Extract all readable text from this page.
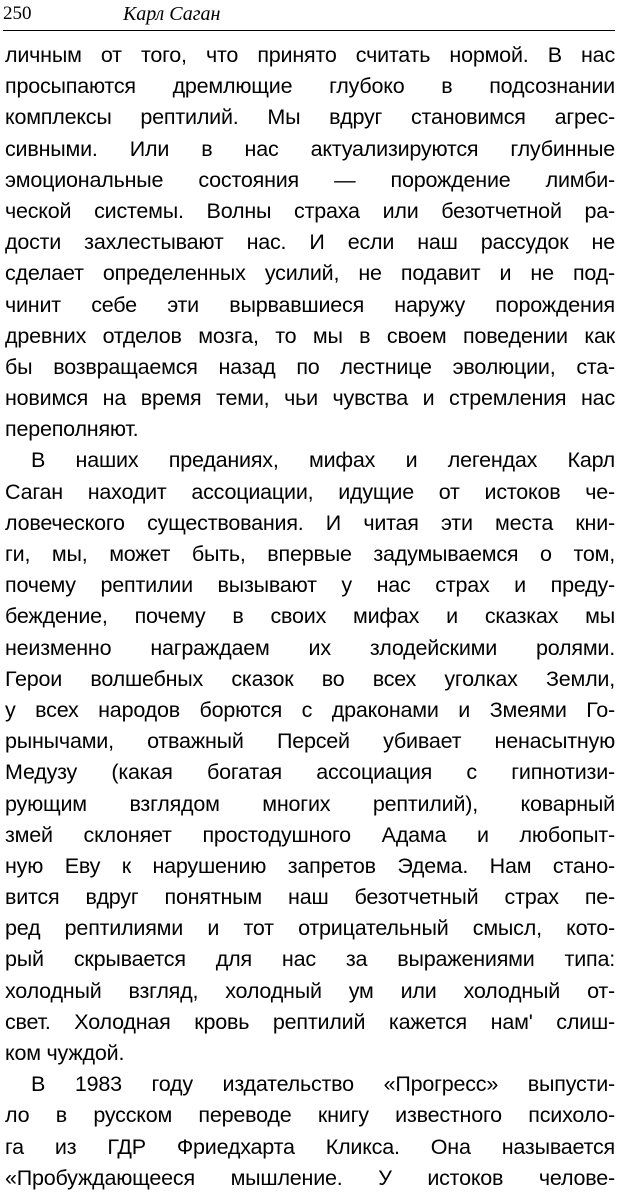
250	Карл Саган
личным от того, что принято считать нормой. В нас
просыпаются дремлющие глубоко в подсознании
комплексы рептилий. Мы вдруг становимся агрес-
сивными. Или в нас актуализируются глубинные
эмоциональные состояния — порождение лимби-
ческой системы. Волны страха или безотчетной ра-
дости захлестывают нас. И если наш рассудок не
сделает определенных усилий, не подавит и не под-
чинит себе эти вырвавшиеся наружу порождения
древних отделов мозга, то мы в своем поведении как
бы возвращаемся назад по лестнице эволюции, ста-
новимся на время теми, чьи чувства и стремления нас
переполняют.
В наших преданиях, мифах и легендах Карл
Саган находит ассоциации, идущие от истоков че-
ловеческого существования. И читая эти места кни-
ги, мы, может быть, впервые задумываемся о том,
почему рептилии вызывают у нас страх и преду-
беждение, почему в своих мифах и сказках мы
неизменно награждаем их злодейскими ролями.
Герои волшебных сказок во всех уголках Земли,
у всех народов борются с драконами и Змеями Го-
рынычами, отважный Персей убивает ненасытную
Медузу (какая богатая ассоциация с гипнотизи-
рующим взглядом многих рептилий), коварный
змей склоняет простодушного Адама и любопыт-
ную Еву к нарушению запретов Эдема. Нам стано-
вится вдруг понятным наш безотчетный страх пе-
ред рептилиями и тот отрицательный смысл, кото-
рый скрывается для нас за выражениями типа:
холодный взгляд, холодный ум или холодный от-
свет. Холодная кровь рептилий кажется нам' слиш-
ком чуждой.
В 1983 году издательство «Прогресс» выпусти-
ло в русском переводе книгу известного психоло-
га из ГДР Фриедхарта Кликса. Она называется
«Пробуждающееся мышление. У истоков челове-
